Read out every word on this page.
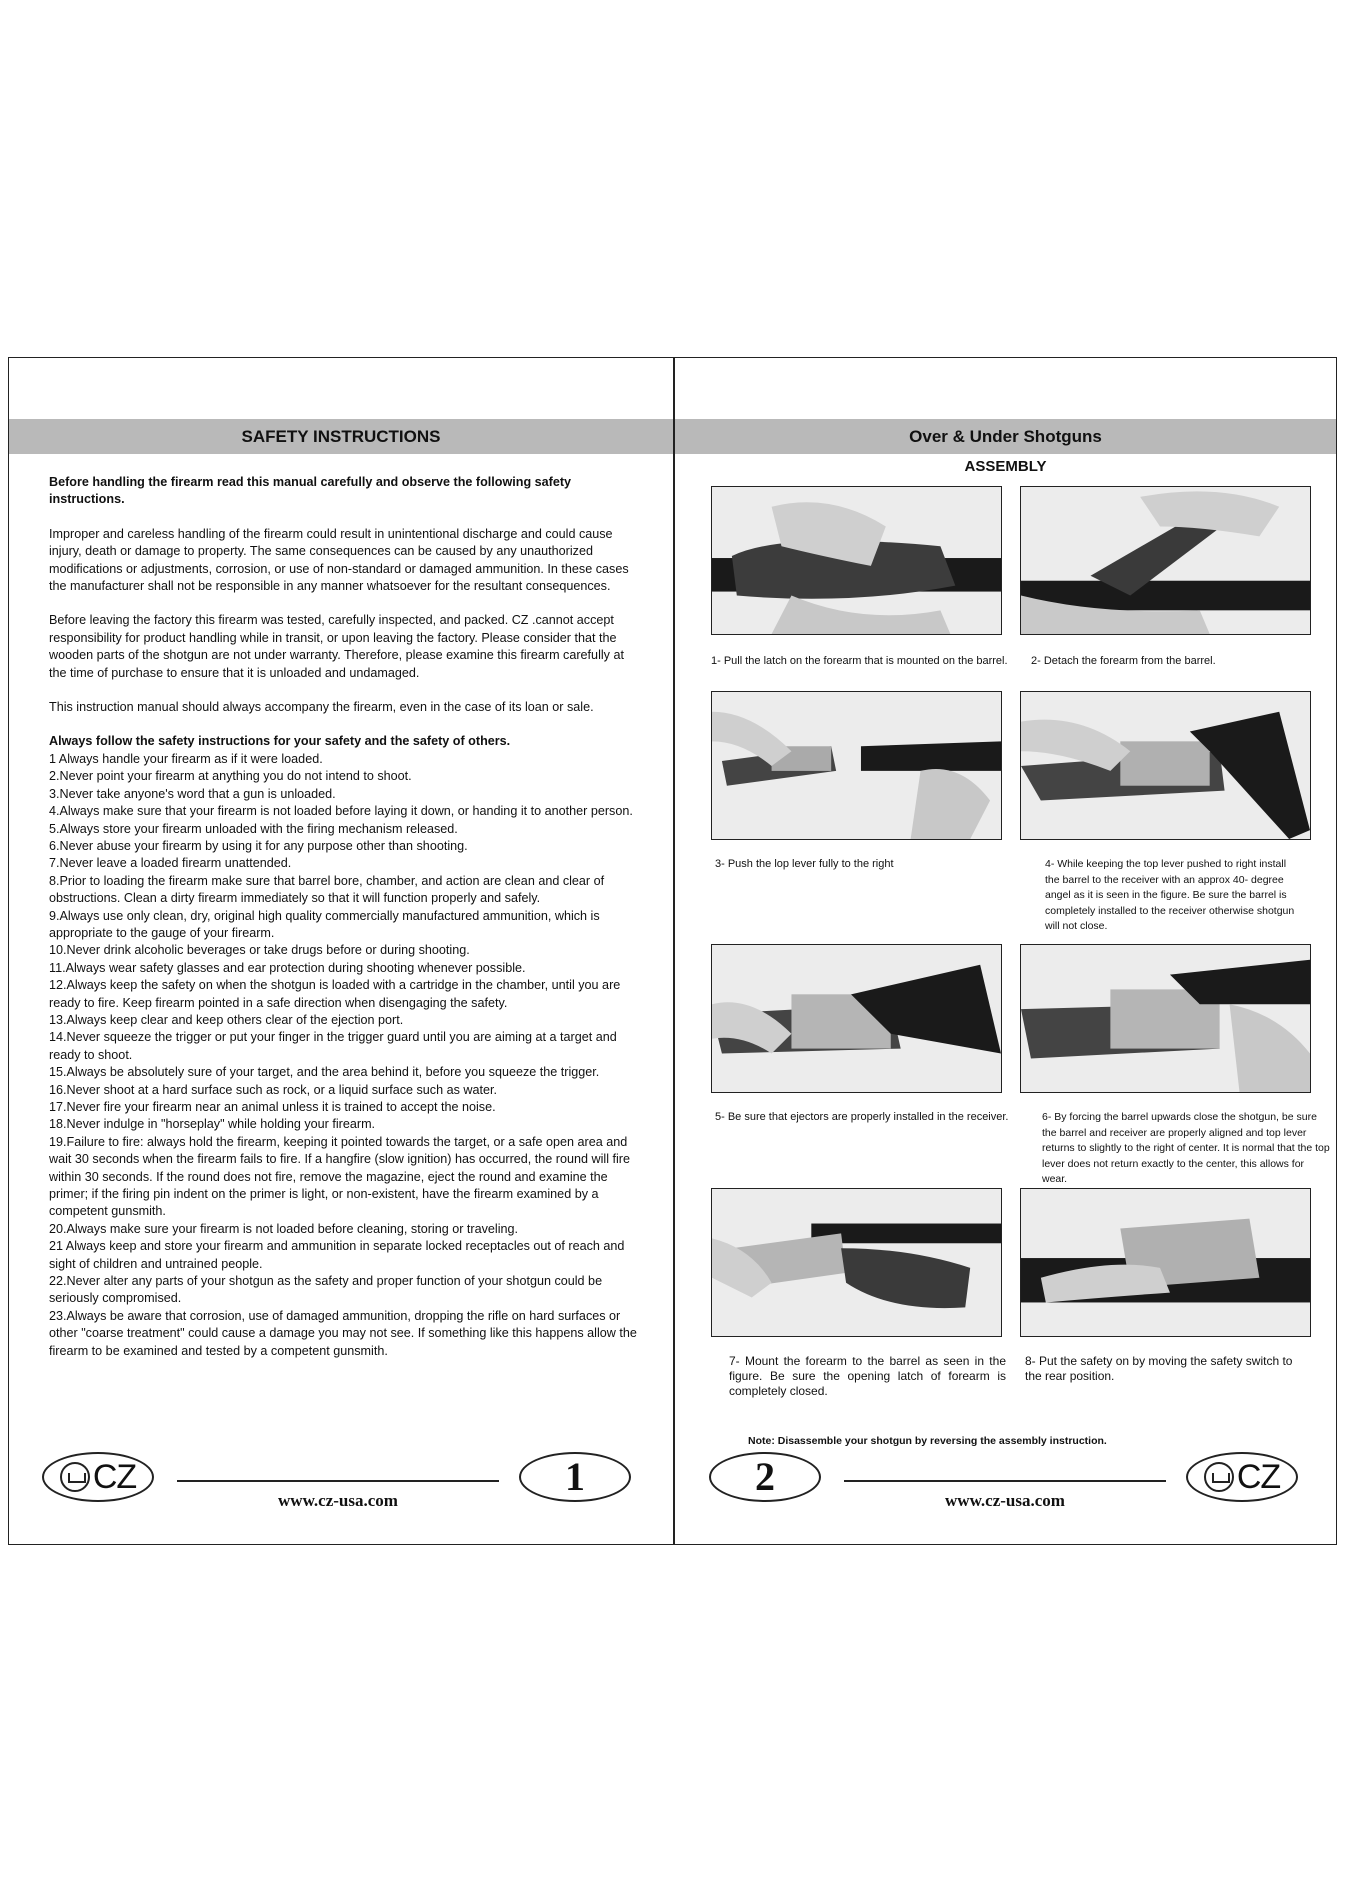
SAFETY INSTRUCTIONS

Before handling the firearm read this manual carefully and observe the following safety instructions.

Improper and careless handling of the firearm could result in unintentional discharge and could cause injury, death or damage to property. The same consequences can be caused by any unauthorized modifications or adjustments, corrosion, or use of non-standard or damaged ammunition. In these cases the manufacturer shall not be responsible in any manner whatsoever for the resultant consequences.

Before leaving the factory this firearm was tested, carefully inspected, and packed. CZ .cannot accept responsibility for product handling while in transit, or upon leaving the factory. Please consider that the wooden parts of the shotgun are not under warranty. Therefore, please examine this firearm carefully at the time of purchase to ensure that it is unloaded and undamaged.

This instruction manual should always accompany the firearm, even in the case of its loan or sale.

Always follow the safety instructions for your safety and the safety of others.
1 Always handle your firearm as if it were loaded.
2.Never point your firearm at anything you do not intend to shoot.
3.Never take anyone's word that a gun is unloaded.
4.Always make sure that your firearm is not loaded before laying it down, or handing it to another person.
5.Always store your firearm unloaded with the firing mechanism released.
6.Never abuse your firearm by using it for any purpose other than shooting.
7.Never leave a loaded firearm unattended.
8.Prior to loading the firearm make sure that barrel bore, chamber, and action are clean and clear of obstructions. Clean a dirty firearm immediately so that it will function properly and safely.
9.Always use only clean, dry, original high quality commercially manufactured ammunition, which is appropriate to the gauge of your firearm.
10.Never drink alcoholic beverages or take drugs before or during shooting.
11.Always wear safety glasses and ear protection during shooting whenever possible.
12.Always keep the safety on when the shotgun is loaded with a cartridge in the chamber, until you are ready to fire. Keep firearm pointed in a safe direction when disengaging the safety.
13.Always keep clear and keep others clear of the ejection port.
14.Never squeeze the trigger or put your finger in the trigger guard until you are aiming at a target and ready to shoot.
15.Always be absolutely sure of your target, and the area behind it, before you squeeze the trigger.
16.Never shoot at a hard surface such as rock, or a liquid surface such as water.
17.Never fire your firearm near an animal unless it is trained to accept the noise.
18.Never indulge in "horseplay" while holding your firearm.
19.Failure to fire: always hold the firearm, keeping it pointed towards the target, or a safe open area and wait 30 seconds when the firearm fails to fire. If a hangfire (slow ignition) has occurred, the round will fire within 30 seconds. If the round does not fire, remove the magazine, eject the round and examine the primer; if the firing pin indent on the primer is light, or non-existent, have the firearm examined by a competent gunsmith.
20.Always make sure your firearm is not loaded before cleaning, storing or traveling.
21 Always keep and store your firearm and ammunition in separate locked receptacles out of reach and sight of children and untrained people.
22.Never alter any parts of your shotgun as the safety and proper function of your shotgun could be seriously compromised.
23.Always be aware that corrosion, use of damaged ammunition, dropping the rifle on hard surfaces or other "coarse treatment" could cause a damage you may not see. If something like this happens allow the firearm to be examined and tested by a competent gunsmith.
CZ
www.cz-usa.com
1
Over & Under Shotguns
ASSEMBLY
1- Pull the latch on the forearm that is mounted on the barrel.	2- Detach the forearm from the barrel.
3- Push the lop lever fully to the right	4- While keeping the top lever pushed to right install the barrel to the receiver with an approx 40- degree angel as it is seen in the figure. Be sure the barrel is completely installed to the receiver otherwise shotgun will not close.
5- Be sure that ejectors are properly installed in the receiver.	6- By forcing the barrel upwards close the shotgun, be sure the barrel and receiver are properly aligned and top lever returns to slightly to the right of center. It is normal that the top lever does not return exactly to the center, this allows for wear.
7- Mount the forearm to the barrel as seen in the figure. Be sure the opening latch of forearm is completely closed.
8- Put the safety on by moving the safety switch to the rear position.
Note: Disassemble your shotgun by reversing the assembly instruction.
2
www.cz-usa.com
CZ
